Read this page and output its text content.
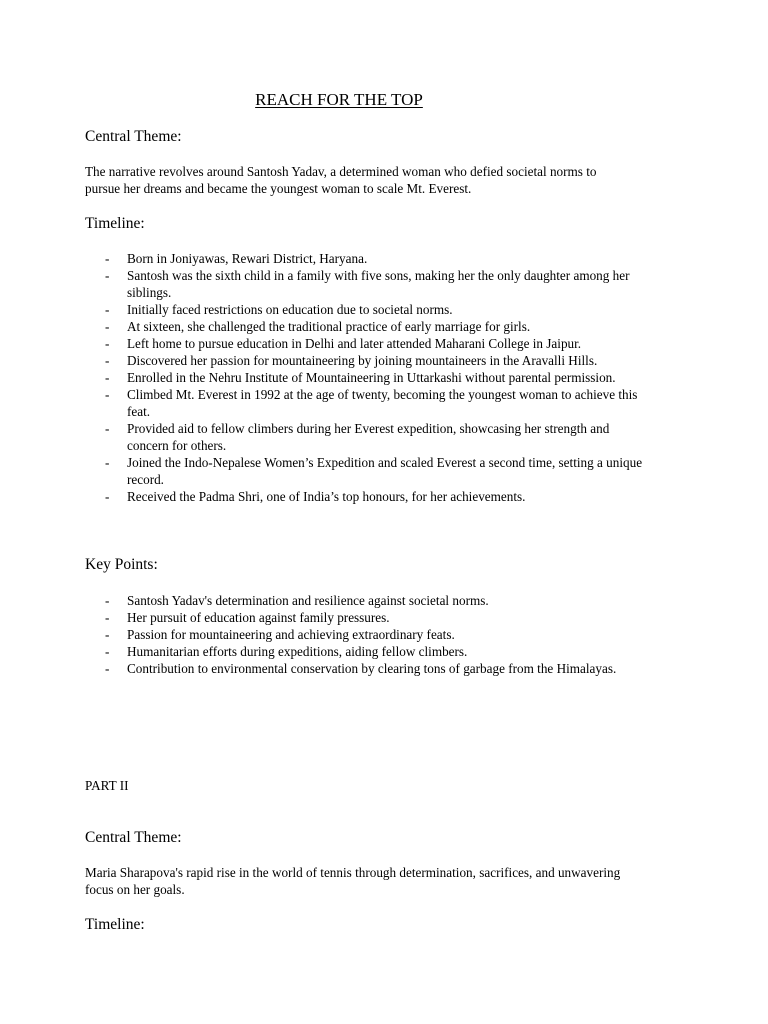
REACH FOR THE TOP
Central Theme:

The narrative revolves around Santosh Yadav, a determined woman who defied societal norms to pursue her dreams and became the youngest woman to scale Mt. Everest.

Timeline:
- Born in Joniyawas, Rewari District, Haryana.
- Santosh was the sixth child in a family with five sons, making her the only daughter among her siblings.
- Initially faced restrictions on education due to societal norms.
- At sixteen, she challenged the traditional practice of early marriage for girls.
- Left home to pursue education in Delhi and later attended Maharani College in Jaipur.
- Discovered her passion for mountaineering by joining mountaineers in the Aravalli Hills.
- Enrolled in the Nehru Institute of Mountaineering in Uttarkashi without parental permission.
- Climbed Mt. Everest in 1992 at the age of twenty, becoming the youngest woman to achieve this feat.
- Provided aid to fellow climbers during her Everest expedition, showcasing her strength and concern for others.
- Joined the Indo-Nepalese Women’s Expedition and scaled Everest a second time, setting a unique record.
- Received the Padma Shri, one of India’s top honours, for her achievements.
Key Points:
- Santosh Yadav's determination and resilience against societal norms.
- Her pursuit of education against family pressures.
- Passion for mountaineering and achieving extraordinary feats.
- Humanitarian efforts during expeditions, aiding fellow climbers.
- Contribution to environmental conservation by clearing tons of garbage from the Himalayas.

PART II

Central Theme:

Maria Sharapova's rapid rise in the world of tennis through determination, sacrifices, and unwavering focus on her goals.

Timeline:
